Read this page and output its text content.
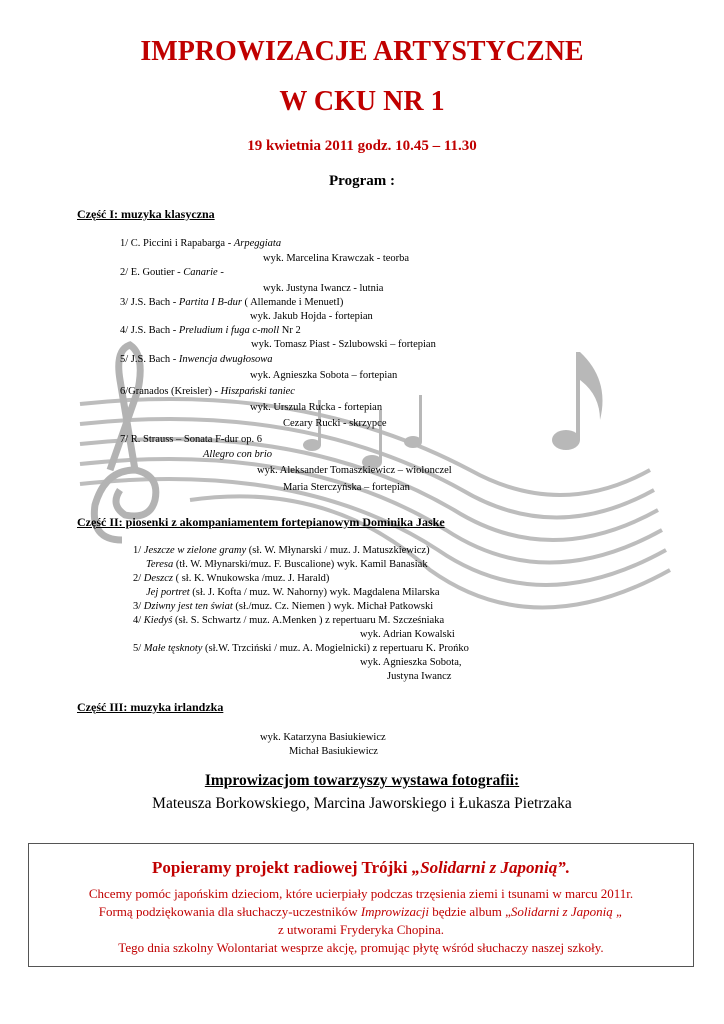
IMPROWIZACJE ARTYSTYCZNE
W CKU NR 1
19 kwietnia 2011 godz. 10.45 – 11.30
Program :
Część I: muzyka klasyczna
1/ C. Piccini i Rapabarga - Arpeggiata
wyk. Marcelina Krawczak - teorba
2/ E. Goutier - Canarie -
wyk. Justyna Iwancz - lutnia
3/ J.S. Bach - Partita I B-dur ( Allemande i MenuetI)
wyk. Jakub Hojda - fortepian
4/ J.S. Bach - Preludium i fuga c-moll Nr 2
wyk. Tomasz Piast - Szlubowski – fortepian
5/ J.S. Bach - Inwencja dwugłosowa
wyk. Agnieszka Sobota – fortepian
6/Granados (Kreisler) - Hiszpański taniec
wyk. Urszula Rucka - fortepian
Cezary Rucki - skrzypce
7/ R. Strauss – Sonata F-dur op. 6
Allegro con brio
wyk. Aleksander Tomaszkiewicz – wiolonczel
Maria Sterczyńska – fortepian
Część II: piosenki z akompaniamentem fortepianowym Dominika Jaske
1/ Jeszcze w zielone gramy (sł. W. Młynarski / muz. J. Matuszkiewicz)
Teresa (tł. W. Młynarski/muz. F. Buscalione) wyk. Kamil Banasiak
2/ Deszcz ( sł. K. Wnukowska /muz. J. Harald)
Jej portret (sł. J. Kofta / muz. W. Nahorny) wyk. Magdalena Milarska
3/ Dziwny jest ten świat (sł./muz. Cz. Niemen ) wyk. Michał Patkowski
4/ Kiedyś (sł. S. Schwartz / muz. A.Menken ) z repertuaru M. Szcześniaka
wyk. Adrian Kowalski
5/ Małe tęsknoty (sł.W. Trzciński / muz. A. Mogielnicki) z repertuaru K. Prońko
wyk. Agnieszka Sobota,
Justyna Iwancz
Część III: muzyka irlandzka
wyk. Katarzyna Basiukiewicz
Michał Basiukiewicz
Improwizacjom towarzyszy wystawa fotografii:
Mateusza Borkowskiego, Marcina Jaworskiego i Łukasza Pietrzaka
Popieramy projekt radiowej Trójki „Solidarni z Japonią”.
Chcemy pomóc japońskim dzieciom, które ucierpiały podczas trzęsienia ziemi i tsunami w marcu 2011r.
Formą podziękowania dla słuchaczy-uczestników Improwizacji będzie album „Solidarni z Japonią „
z utworami Fryderyka Chopina.
Tego dnia szkolny Wolontariat wesprze akcję, promując płytę wśród słuchaczy naszej szkoły.
